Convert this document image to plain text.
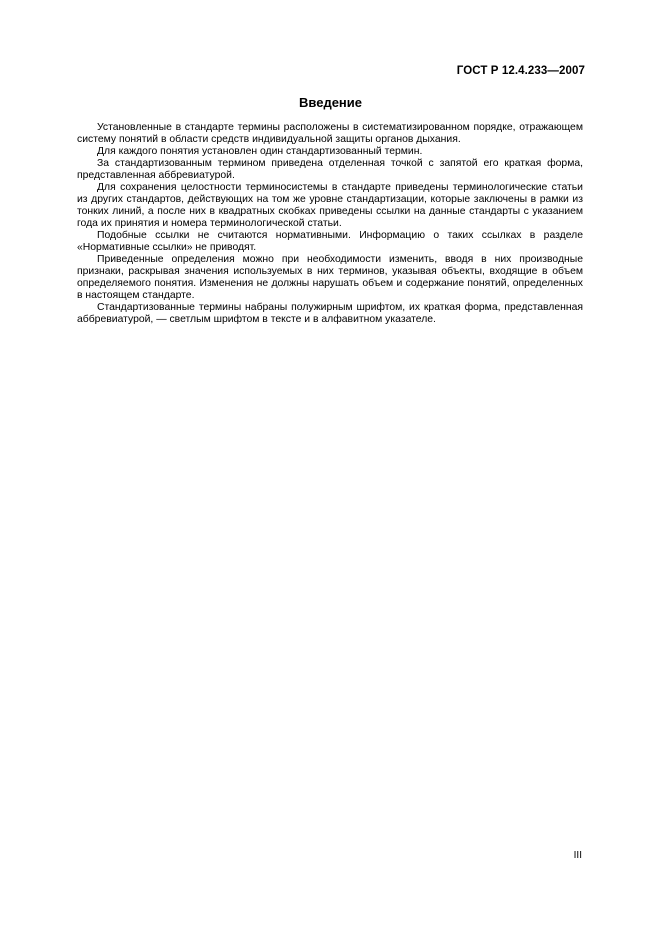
ГОСТ Р 12.4.233—2007
Введение

Установленные в стандарте термины расположены в систематизированном порядке, отражающем систему понятий в области средств индивидуальной защиты органов дыхания.

Для каждого понятия установлен один стандартизованный термин.

За стандартизованным термином приведена отделенная точкой с запятой его краткая форма, представленная аббревиатурой.

Для сохранения целостности терминосистемы в стандарте приведены терминологические статьи из других стандартов, действующих на том же уровне стандартизации, которые заключены в рамки из тонких линий, а после них в квадратных скобках приведены ссылки на данные стандарты с указанием года их принятия и номера терминологической статьи.

Подобные ссылки не считаются нормативными. Информацию о таких ссылках в разделе «Нормативные ссылки» не приводят.

Приведенные определения можно при необходимости изменить, вводя в них производные признаки, раскрывая значения используемых в них терминов, указывая объекты, входящие в объем определяемого понятия. Изменения не должны нарушать объем и содержание понятий, определенных в настоящем стандарте.

Стандартизованные термины набраны полужирным шрифтом, их краткая форма, представленная аббревиатурой, — светлым шрифтом в тексте и в алфавитном указателе.

III
